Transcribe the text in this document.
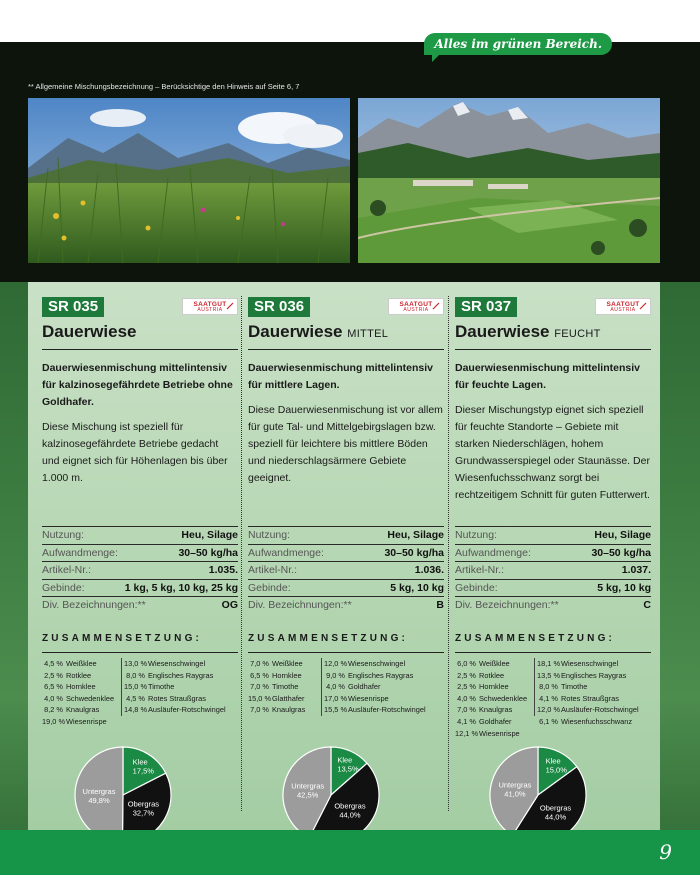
Alles im grünen Bereich.
** Allgemeine Mischungsbezeichnung – Berücksichtige den Hinweis auf Seite 6, 7
SR 035	SAATGUT
AUSTRIA
Dauerwiese
Dauerwiesenmischung mittelintensiv für kalzinosegefährdete Betriebe ohne Goldhafer.
Diese Mischung ist speziell für kalzinosegefährdete Betriebe gedacht und eignet sich für Höhenlagen bis über 1.000 m.
SR 036	SAATGUT
AUSTRIA
Dauerwiese MITTEL
Dauerwiesenmischung mittelintensiv für mittlere Lagen.
Diese Dauerwiesenmischung ist vor allem für gute Tal- und Mittelgebirgslagen bzw. speziell für leichtere bis mittlere Böden und niederschlagsärmere Gebiete geeignet.
SR 037	SAATGUT
AUSTRIA
Dauerwiese FEUCHT
Dauerwiesenmischung mittelintensiv für feuchte Lagen.
Dieser Mischungstyp eignet sich speziell für feuchte Standorte – Gebiete mit starken Niederschlägen, hohem Grundwasserspiegel oder Staunässe. Der Wiesenfuchsschwanz sorgt bei rechtzeitigem Schnitt für guten Futterwert.
Nutzung:	Heu, Silage
Aufwandmenge:	30–50 kg/ha
Artikel-Nr.:	1.035.
Gebinde:	1 kg, 5 kg, 10 kg, 25 kg
Div. Bezeichnungen:**	OG
Nutzung:	Heu, Silage
Aufwandmenge:	30–50 kg/ha
Artikel-Nr.:	1.036.
Gebinde:	5 kg, 10 kg
Div. Bezeichnungen:**	B
Nutzung:	Heu, Silage
Aufwandmenge:	30–50 kg/ha
Artikel-Nr.:	1.037.
Gebinde:	5 kg, 10 kg
Div. Bezeichnungen:**	C
ZUSAMMENSETZUNG:	ZUSAMMENSETZUNG:	ZUSAMMENSETZUNG:
4,5 % Weißklee
2,5 % Rotklee
6,5 % Hornklee
4,0 % Schwedenklee
8,2 % Knaulgras
19,0 % Wiesenrispe
13,0 % Wiesenschwingel
8,0 % Englisches Raygras
15,0 % Timothe
4,5 % Rotes Straußgras
14,8 % Ausläufer-Rotschwingel
7,0 % Weißklee
6,5 % Hornklee
7,0 % Timothe
15,0 % Glatthafer
7,0 % Knaulgras
12,0 % Wiesenschwingel
9,0 % Englisches Raygras
4,0 % Goldhafer
17,0 % Wiesenrispe
15,5 % Ausläufer-Rotschwingel
6,0 % Weißklee
2,5 % Rotklee
2,5 % Hornklee
4,0 % Schwedenklee
7,0 % Knaulgras
4,1 % Goldhafer
12,1 % Wiesenrispe
18,1 % Wiesenschwingel
13,5 % Englisches Raygras
8,0 % Timothe
4,1 % Rotes Straußgras
12,0 % Ausläufer-Rotschwingel
6,1 % Wiesenfuchsschwanz
Klee
17,5%
Obergras
32,7%
Untergras
49,8%
Klee
13,5%
Obergras
44,0%
Untergras
42,5%
Klee
15,0%
Obergras
44,0%
Untergras
41,0%
9
